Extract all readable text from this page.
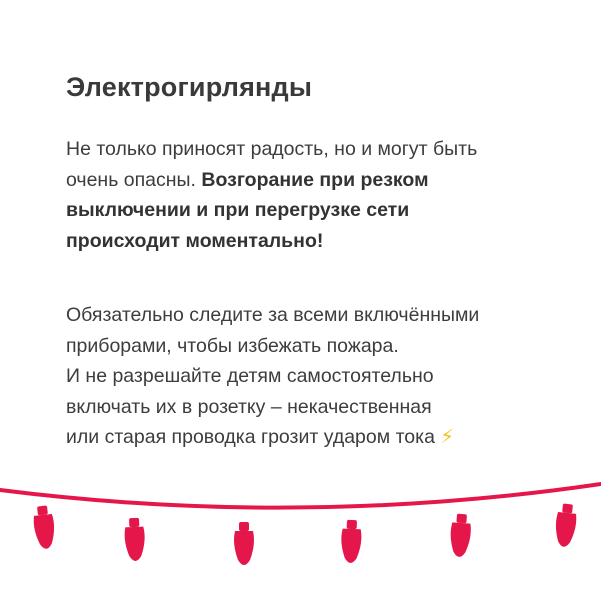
Электрогирлянды

Не только приносят радость, но и могут быть
очень опасны. Возгорание при резком
выключении и при перегрузке сети
происходит моментально!

Обязательно следите за всеми включёнными
приборами, чтобы избежать пожара.
И не разрешайте детям самостоятельно
включать их в розетку – некачественная
или старая проводка грозит ударом тока ⚡
